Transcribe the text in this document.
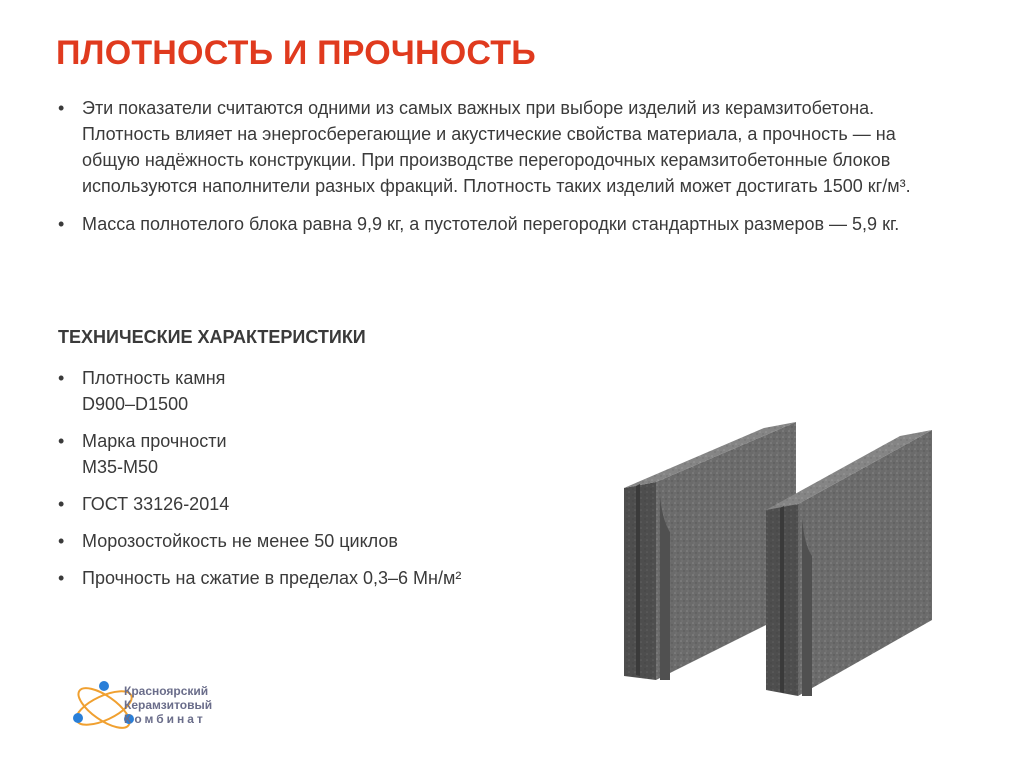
ПЛОТНОСТЬ И ПРОЧНОСТЬ
• Эти показатели считаются одними из самых важных при выборе изделий из керамзитобетона. Плотность влияет на энергосберегающие и акустические свойства материала, а прочность — на общую надёжность конструкции. При производстве перегородочных керамзитобетонные блоков используются наполнители разных фракций. Плотность таких изделий может достигать 1500 кг/м³.
• Масса полнотелого блока равна 9,9 кг, а пустотелой перегородки стандартных размеров — 5,9 кг.
ТЕХНИЧЕСКИЕ ХАРАКТЕРИСТИКИ
• Плотность камня
D900–D1500
• Марка прочности
М35-М50
• ГОСТ 33126-2014
• Морозостойкость не менее 50 циклов
• Прочность на сжатие в пределах 0,3–6 Мн/м²
Красноярский
Керамзитовый
Комбинат
